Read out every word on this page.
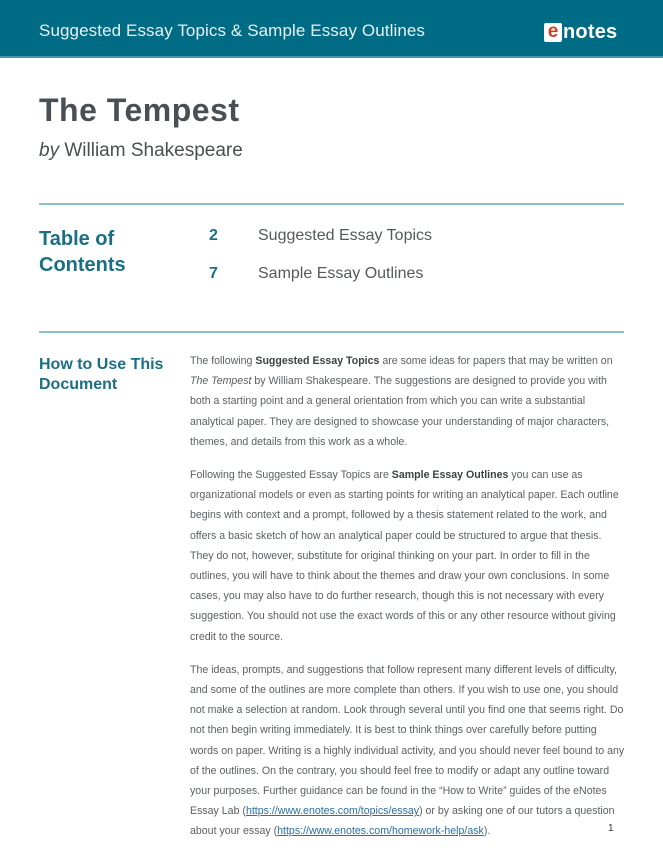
Suggested Essay Topics & Sample Essay Outlines	e notes
The Tempest
by William Shakespeare
Table of
Contents
2	Suggested Essay Topics
7	Sample Essay Outlines
How to Use This
Document

The following Suggested Essay Topics are some ideas for papers that may be written on The Tempest by William Shakespeare. The suggestions are designed to provide you with both a starting point and a general orientation from which you can write a substantial analytical paper. They are designed to showcase your understanding of major characters, themes, and details from this work as a whole.

Following the Suggested Essay Topics are Sample Essay Outlines you can use as organizational models or even as starting points for writing an analytical paper. Each outline begins with context and a prompt, followed by a thesis statement related to the work, and offers a basic sketch of how an analytical paper could be structured to argue that thesis. They do not, however, substitute for original thinking on your part. In order to fill in the outlines, you will have to think about the themes and draw your own conclusions. In some cases, you may also have to do further research, though this is not necessary with every suggestion. You should not use the exact words of this or any other resource without giving credit to the source.

The ideas, prompts, and suggestions that follow represent many different levels of difficulty, and some of the outlines are more complete than others. If you wish to use one, you should not make a selection at random. Look through several until you find one that seems right. Do not then begin writing immediately. It is best to think things over carefully before putting words on paper. Writing is a highly individual activity, and you should never feel bound to any of the outlines. On the contrary, you should feel free to modify or adapt any outline toward your purposes. Further guidance can be found in the “How to Write” guides of the eNotes Essay Lab (https://www.enotes.com/topics/essay) or by asking one of our tutors a question about your essay (https://www.enotes.com/homework-help/ask).	1
